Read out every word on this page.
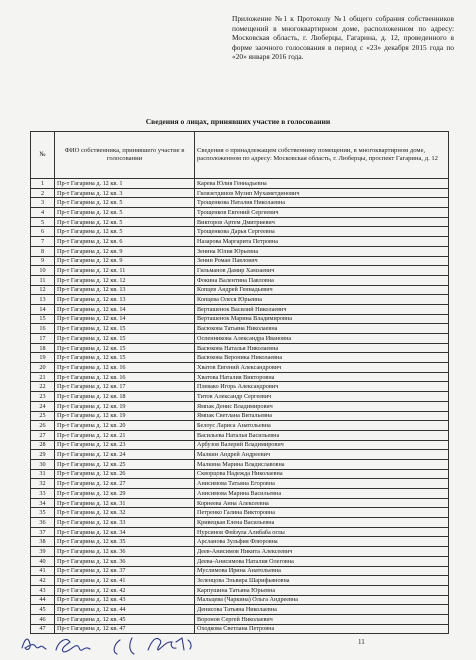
Приложение №1 к Протоколу №1 общего собрания собственников помещений в многоквартирном доме, расположенном по адресу: Московская область, г. Люберцы, Гагарина, д. 12, проведенного в форме заочного голосования в период с «23» декабря 2015 года по «20» января 2016 года.
Сведения о лицах, принявших участие в голосовании
№	ФИО собственника, принявшего участие в голосовании	Сведения о принадлежащем собственнику помещении, в многоквартирном доме, расположенном по адресу: Московская область, г. Люберцы, проспект Гагарина, д. 12
1	Пр-т Гагарина д. 12 кв. 1	Карева Юлия Геннадьевна
2	Пр-т Гагарина д. 12 кв. 3	Гилязетдинов Музип Мухаметдинович
3	Пр-т Гагарина д. 12 кв. 5	Трощенкова Наталия Николаевна
4	Пр-т Гагарина д. 12 кв. 5	Трощенков Евгений Сергеевич
5	Пр-т Гагарина д. 12 кв. 5	Викторов Артем Дмитриевич
6	Пр-т Гагарина д. 12 кв. 5	Трощенкова Дарья Сергеевна
7	Пр-т Гагарина д. 12 кв. 6	Назарова Маргарита Петровна
8	Пр-т Гагарина д. 12 кв. 9	Зенина Юлия Юрьевна
9	Пр-т Гагарина д. 12 кв. 9	Зенин Роман Павлович
10	Пр-т Гагарина д. 12 кв. 11	Гильманов Дамир Хамзаевич
11	Пр-т Гагарина д. 12 кв. 12	Фокина Валентина Павловна
12	Пр-т Гагарина д. 12 кв. 13	Копцев Андрей Геннадьевич
13	Пр-т Гагарина д. 12 кв. 13	Копцева Олеся Юрьевна
14	Пр-т Гагарина д. 12 кв. 14	Верташенок Василий Николаевич
15	Пр-т Гагарина д. 12 кв. 14	Верташенок Марина Владимировна
16	Пр-т Гагарина д. 12 кв. 15	Васюкова Татьяна Николаевна
17	Пр-т Гагарина д. 12 кв. 15	Оспенникова Александра Ивановна
18	Пр-т Гагарина д. 12 кв. 15	Васюкова Наталья Николаевна
19	Пр-т Гагарина д. 12 кв. 15	Васюкова Вероника Николаевна
20	Пр-т Гагарина д. 12 кв. 16	Хватов Евгений Александрович
21	Пр-т Гагарина д. 12 кв. 16	Хватова Наталия Викторовна
22	Пр-т Гагарина д. 12 кв. 17	Плевако Игорь Александрович
23	Пр-т Гагарина д. 12 кв. 18	Титов Александр Сергеевич
24	Пр-т Гагарина д. 12 кв. 19	Ямпак Денис Владимирович
25	Пр-т Гагарина д. 12 кв. 19	Ямпак Светлана Витальевна
26	Пр-т Гагарина д. 12 кв. 20	Белоус Лариса Анатольевна
27	Пр-т Гагарина д. 12 кв. 21	Васильева Наталья Васильевна
28	Пр-т Гагарина д. 12 кв. 23	Арбузов Валерий Владимирович
29	Пр-т Гагарина д. 12 кв. 24	Малкин Андрей Андреевич
30	Пр-т Гагарина д. 12 кв. 25	Малкина Марина Владиславовна
31	Пр-т Гагарина д. 12 кв. 26	Скворцова Надежда Николаевна
32	Пр-т Гагарина д. 12 кв. 27	Анисимова Татьяна Егоровна
33	Пр-т Гагарина д. 12 кв. 29	Анисимова Марина Васильевна
34	Пр-т Гагарина д. 12 кв. 31	Корнеева Анна Алексеевна
35	Пр-т Гагарина д. 12 кв. 32	Петренко Галина Викторовна
36	Пр-т Гагарина д. 12 кв. 33	Кривецкая Елена Васильевна
37	Пр-т Гагарина д. 12 кв. 34	Нурсинов Фейзула Алибаба оглы
38	Пр-т Гагарина д. 12 кв. 35	Арсланова Зульфия Флюровна
39	Пр-т Гагарина д. 12 кв. 36	Деев-Анисимов Никита Алексеевич
40	Пр-т Гагарина д. 12 кв. 36	Деева-Анисимова Наталия Олеговна
41	Пр-т Гагарина д. 12 кв. 37	Муслимова Ирина Анатольевна
42	Пр-т Гагарина д. 12 кв. 41	Зеленцова Эльвира Шарифьяновна
43	Пр-т Гагарина д. 12 кв. 42	Карпушина Татьяна Юрьевна
44	Пр-т Гагарина д. 12 кв. 43	Мальцева (Чаркина) Ольга Андреевна
45	Пр-т Гагарина д. 12 кв. 44	Денисова Татьяна Николаевна
46	Пр-т Гагарина д. 12 кв. 45	Воронов Сергей Николаевич
47	Пр-т Гагарина д. 12 кв. 47	Оходкова Светлана Петровна
11
